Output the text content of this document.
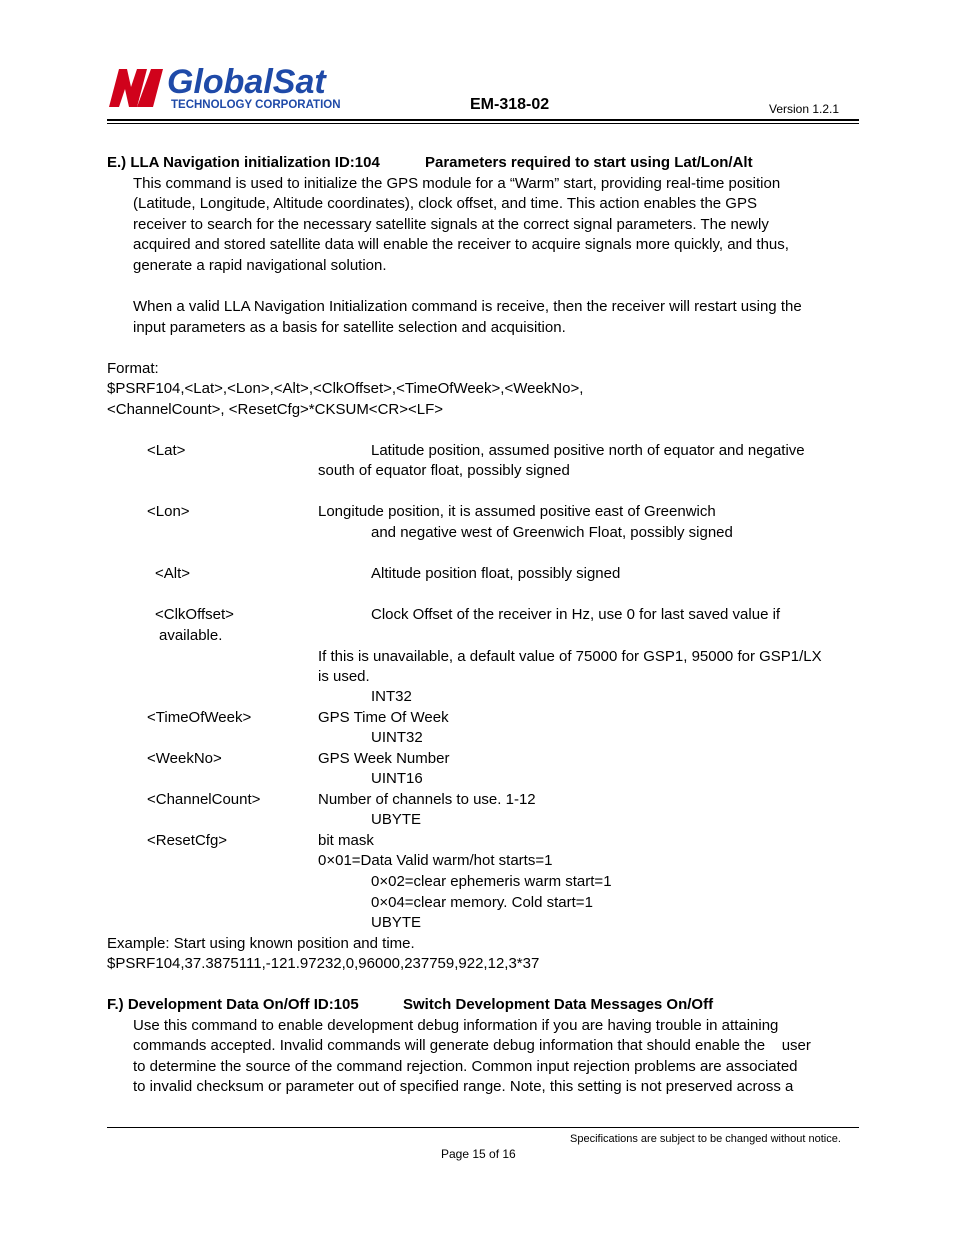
GlobalSat
TECHNOLOGY CORPORATION	EM-318-02	Version 1.2.1
E.) LLA Navigation initialization ID:104	Parameters required to start using Lat/Lon/Alt
This command is used to initialize the GPS module for a “Warm” start, providing real-time position
(Latitude, Longitude, Altitude coordinates), clock offset, and time. This action enables the GPS
receiver to search for the necessary satellite signals at the correct signal parameters. The newly
acquired and stored satellite data will enable the receiver to acquire signals more quickly, and thus,
generate a rapid navigational solution.
When a valid LLA Navigation Initialization command is receive, then the receiver will restart using the
input parameters as a basis for satellite selection and acquisition.
Format:
$PSRF104,<Lat>,<Lon>,<Alt>,<ClkOffset>,<TimeOfWeek>,<WeekNo>,
<ChannelCount>, <ResetCfg>*CKSUM<CR><LF>
<Lat>	Latitude position, assumed positive north of equator and negative
south of equator float, possibly signed
<Lon>	Longitude position, it is assumed positive east of Greenwich
and negative west of Greenwich Float, possibly signed
<Alt>	Altitude position float, possibly signed
<ClkOffset>	Clock Offset of the receiver in Hz, use 0 for last saved value if
available.
If this is unavailable, a default value of 75000 for GSP1, 95000 for GSP1/LX
is used.
INT32
<TimeOfWeek>	GPS Time Of Week
UINT32
<WeekNo>	GPS Week Number
UINT16
<ChannelCount>	Number of channels to use. 1-12
UBYTE
<ResetCfg>	bit mask
0×01=Data Valid warm/hot starts=1
0×02=clear ephemeris warm start=1
0×04=clear memory. Cold start=1
UBYTE
Example: Start using known position and time.
$PSRF104,37.3875111,-121.97232,0,96000,237759,922,12,3*37
F.) Development Data On/Off ID:105	Switch Development Data Messages On/Off
Use this command to enable development debug information if you are having trouble in attaining
commands accepted. Invalid commands will generate debug information that should enable the    user
to determine the source of the command rejection. Common input rejection problems are associated
to invalid checksum or parameter out of specified range. Note, this setting is not preserved across a
Specifications are subject to be changed without notice.
Page 15 of 16
